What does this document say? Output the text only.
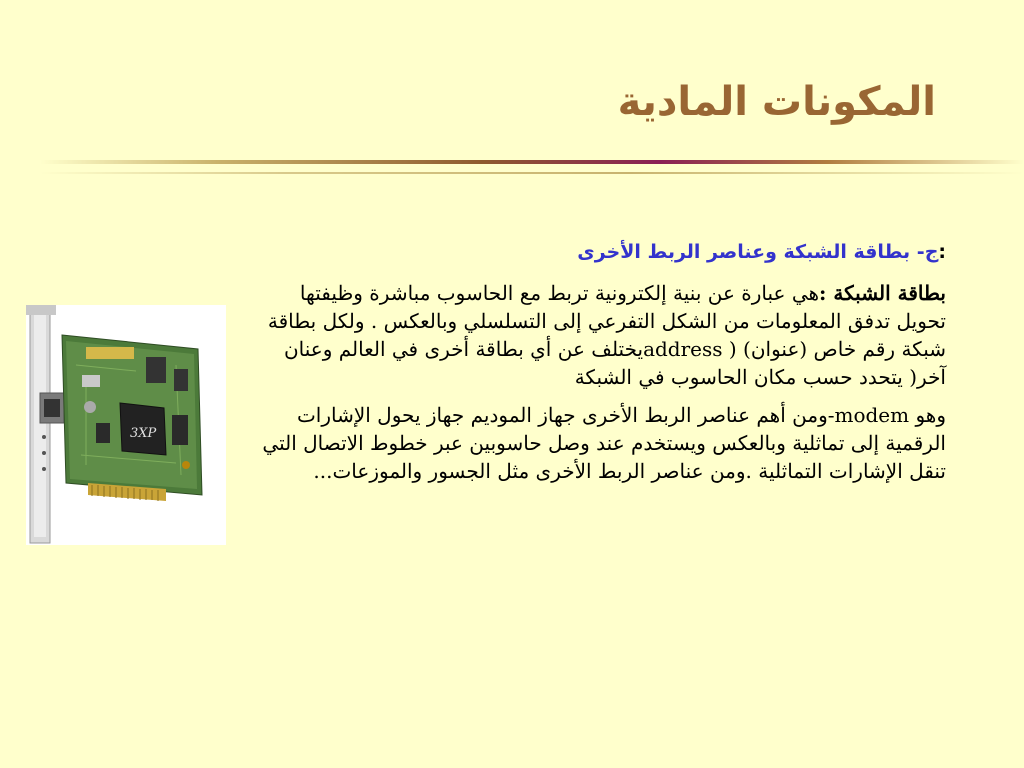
المكونات المادية
3XP

:ج- بطاقة الشبكة وعناصر الربط الأخرى

بطاقة الشبكة :هي عبارة عن بنية إلكترونية تربط مع الحاسوب مباشرة وظيفتها تحويل تدفق المعلومات من الشكل التفرعي إلى التسلسلي وبالعكس . ولكل بطاقة شبكة رقم خاص (عنوان) ( addressيختلف عن أي بطاقة أخرى في العالم وعنان آخر( يتحدد حسب مكان الحاسوب في الشبكة

وهو modem-ومن أهم عناصر الربط الأخرى جهاز الموديم جهاز يحول الإشارات الرقمية إلى تماثلية وبالعكس ويستخدم عند وصل حاسوبين عبر خطوط الاتصال التي تنقل الإشارات التماثلية .ومن عناصر الربط الأخرى مثل الجسور والموزعات...
